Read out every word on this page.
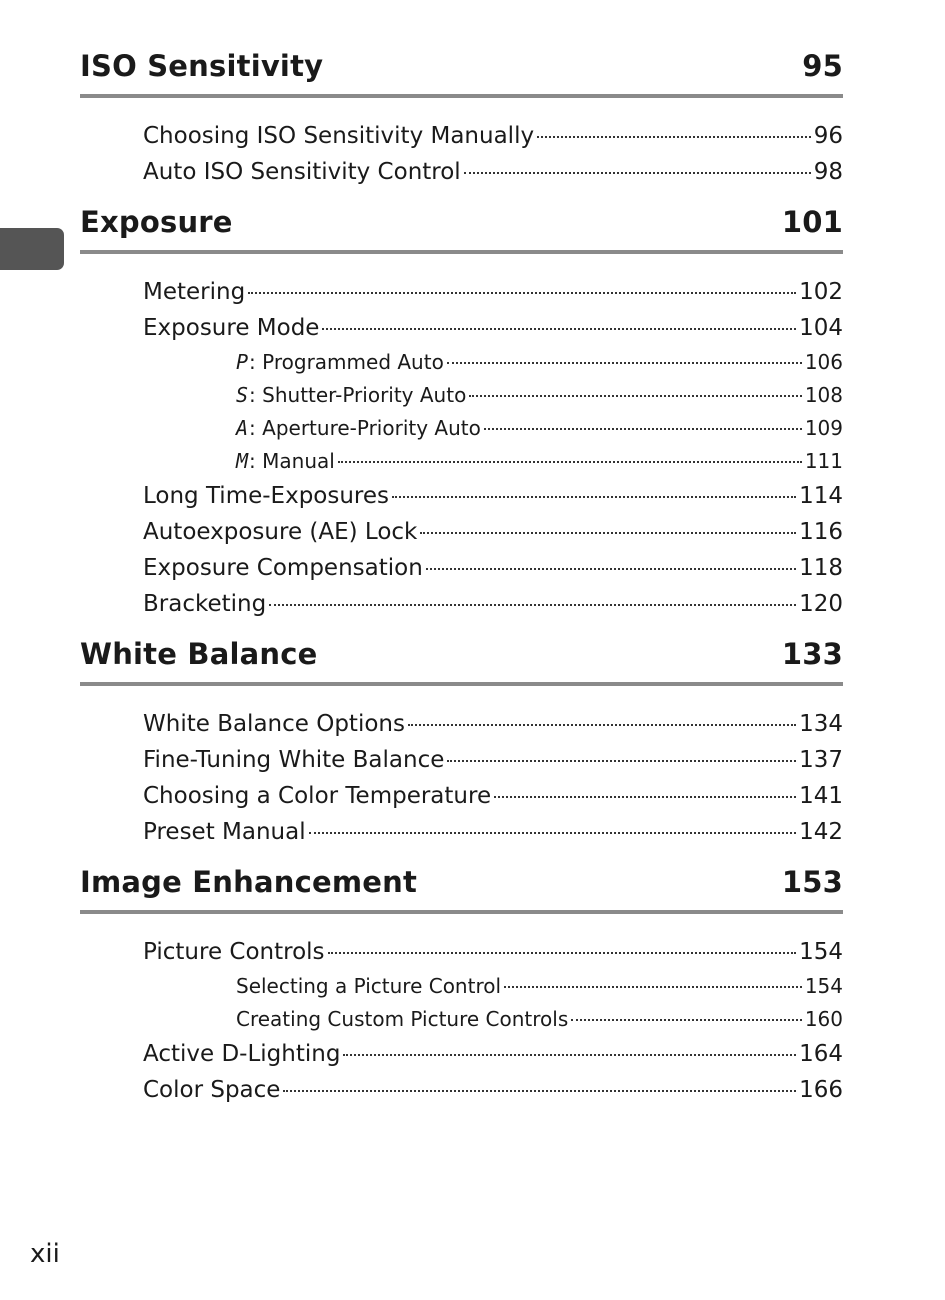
ISO Sensitivity	95
Choosing ISO Sensitivity Manually	96
Auto ISO Sensitivity Control	98
Exposure	101
Metering	102
Exposure Mode	104
P: Programmed Auto	106
S: Shutter-Priority Auto	108
A: Aperture-Priority Auto	109
M: Manual	111
Long Time-Exposures	114
Autoexposure (AE) Lock	116
Exposure Compensation	118
Bracketing	120
White Balance	133
White Balance Options	134
Fine-Tuning White Balance	137
Choosing a Color Temperature	141
Preset Manual	142
Image Enhancement	153
Picture Controls	154
Selecting a Picture Control	154
Creating Custom Picture Controls	160
Active D-Lighting	164
Color Space	166
xii
